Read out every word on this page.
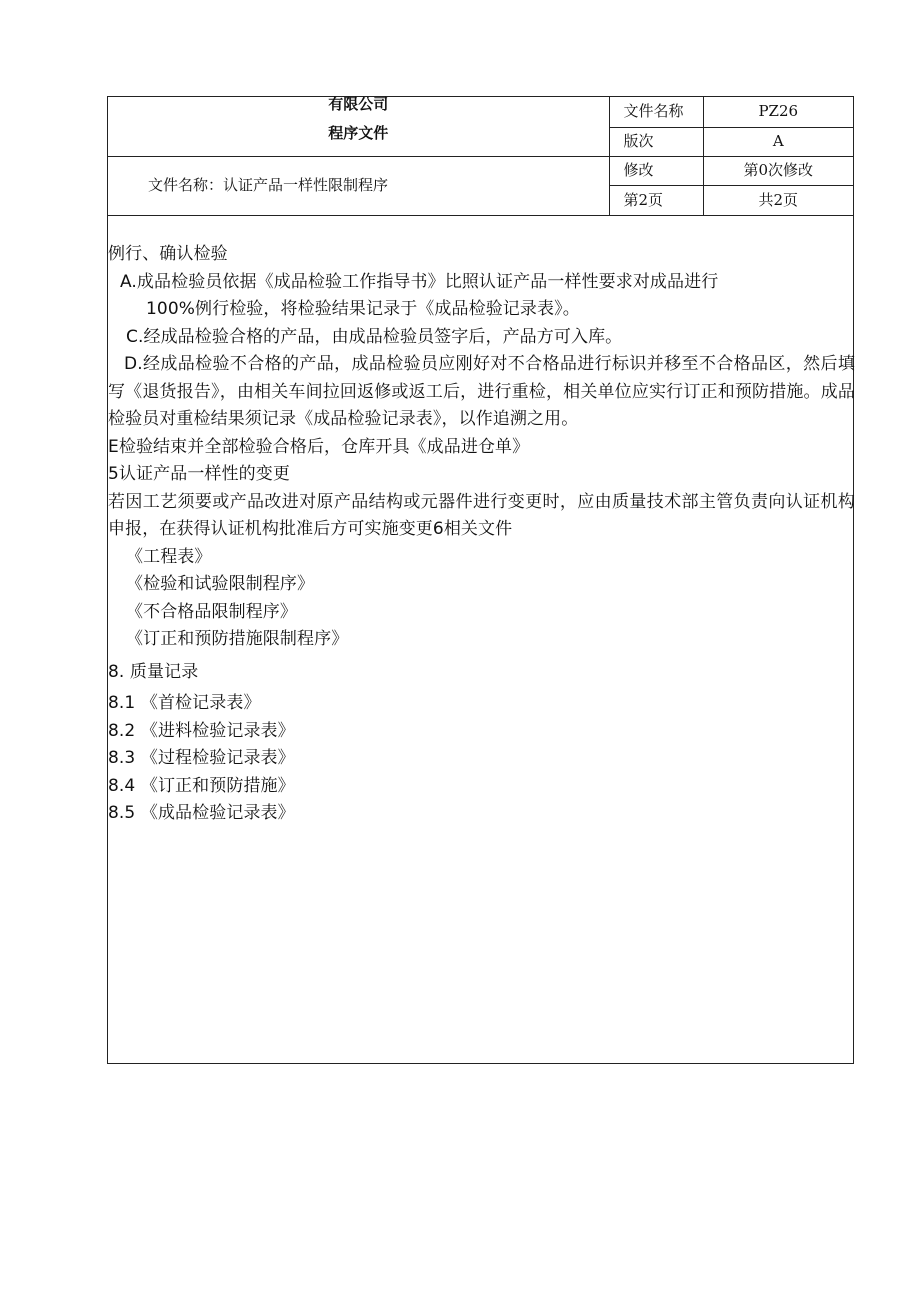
有限公司
程序文件	文件名称	PZ26
	版次	A
文件名称：认证产品一样性限制程序	修改	第0次修改
	第2页	共2页

例行、确认检验

A.成品检验员依据《成品检验工作指导书》比照认证产品一样性要求对成品进行

100%例行检验，将检验结果记录于《成品检验记录表》。

C.经成品检验合格的产品，由成品检验员签字后，产品方可入库。

D.经成品检验不合格的产品，成品检验员应刚好对不合格品进行标识并移至不合格品区，然后填写《退货报告》，由相关车间拉回返修或返工后，进行重检，相关单位应实行订正和预防措施。成品检验员对重检结果须记录《成品检验记录表》，以作追溯之用。

E检验结束并全部检验合格后，仓库开具《成品进仓单》

5认证产品一样性的变更

若因工艺须要或产品改进对原产品结构或元器件进行变更时，应由质量技术部主管负责向认证机构申报，在获得认证机构批准后方可实施变更6相关文件

《工程表》

《检验和试验限制程序》

《不合格品限制程序》

《订正和预防措施限制程序》

8. 质量记录

8.1 《首检记录表》

8.2 《进料检验记录表》

8.3 《过程检验记录表》

8.4 《订正和预防措施》

8.5 《成品检验记录表》
